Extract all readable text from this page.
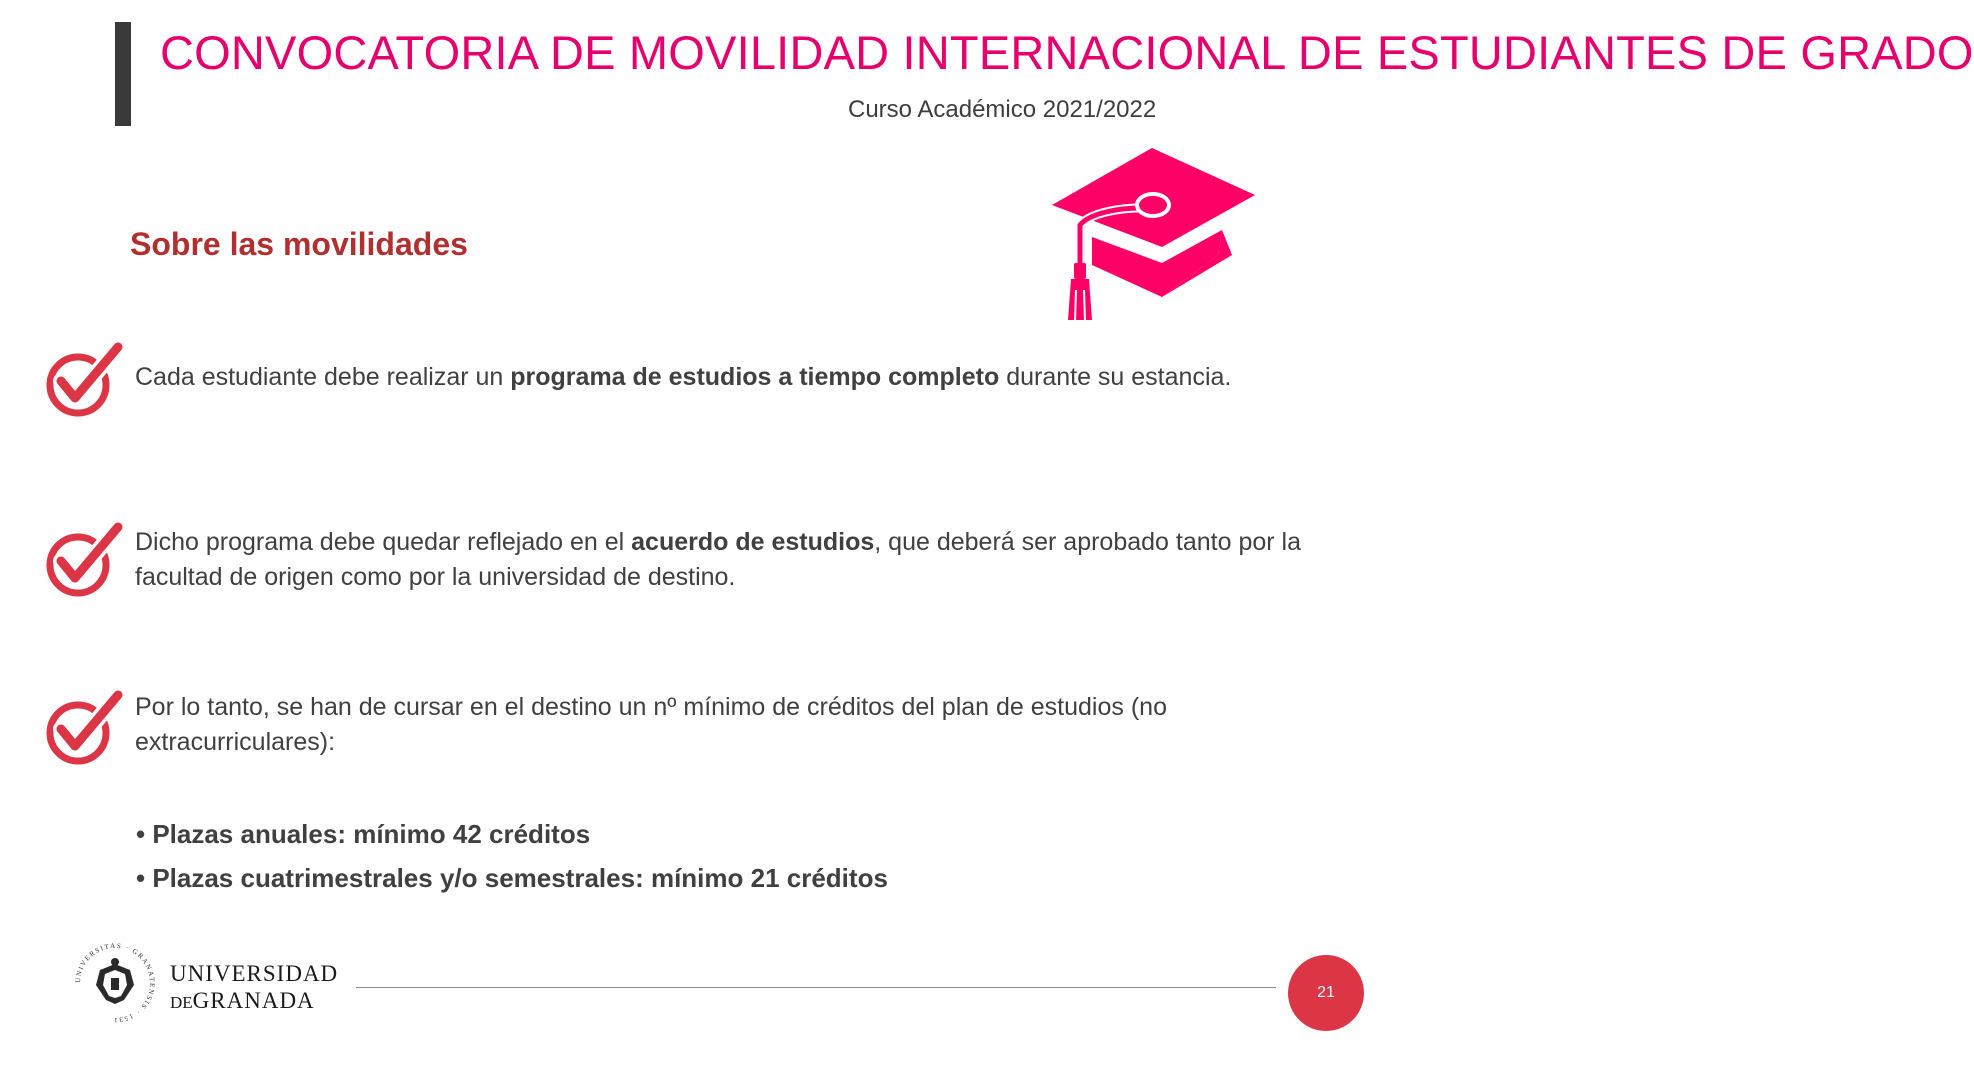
CONVOCATORIA DE MOVILIDAD INTERNACIONAL DE ESTUDIANTES DE GRADO
Curso Académico 2021/2022
Sobre las movilidades
Cada estudiante debe realizar un programa de estudios a tiempo completo durante su estancia.
Dicho programa debe quedar reflejado en el acuerdo de estudios, que deberá ser aprobado tanto por la facultad de origen como por la universidad de destino.
Por lo tanto, se han de cursar en el destino un nº mínimo de créditos del plan de estudios (no extracurriculares):
• Plazas anuales: mínimo 42 créditos
• Plazas cuatrimestrales y/o semestrales: mínimo 21 créditos
UNIVERSITAS · GRANATENSIS · 1531
UNIVERSIDAD
DEGRANADA	21
